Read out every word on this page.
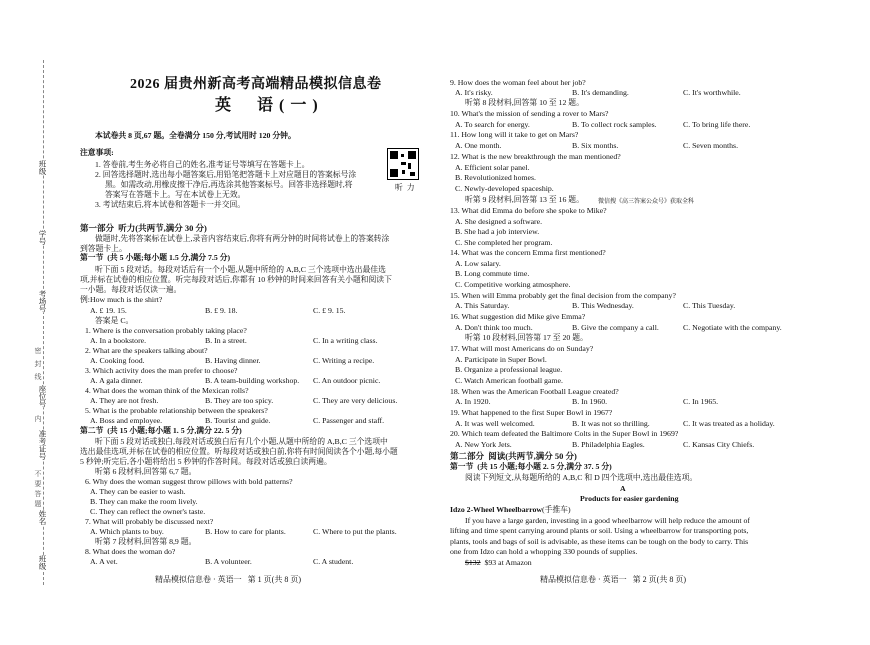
班级
学号
考场号
密
封
线
座位号
内
准考证号
不
要
答
题
姓名
班级
2026 届贵州新高考高端精品模拟信息卷
英  语(一)
本试卷共 8 页,67 题。全卷满分 150 分,考试用时 120 分钟。
注意事项:
1. 答卷前,考生务必将自己的姓名,准考证号等填写在答题卡上。
2. 回答选择题时,选出每小题答案后,用铅笔把答题卡上对应题目的答案标号涂
黑。如需改动,用橡皮擦干净后,再选涂其他答案标号。回答非选择题时,将
答案写在答题卡上。写在本试卷上无效。
3. 考试结束后,将本试卷和答题卡一并交回。
听  力
第一部分  听力(共两节,满分 30 分)
做题时,先将答案标在试卷上,录音内容结束后,你将有两分钟的时间将试卷上的答案转涂
到答题卡上。
第一节  (共 5 小题;每小题 1.5 分,满分 7.5 分)
听下面 5 段对话。每段对话后有一个小题,从题中所给的 A,B,C 三个选项中选出最佳选
项,并标在试卷的相应位置。听完每段对话后,你都有 10 秒钟的时间来回答有关小题和阅读下
一小题。每段对话仅读一遍。
例:How much is the shirt?
A. £ 19. 15.	B. £ 9. 18.	C. £ 9. 15.
答案是 C。
1. Where is the conversation probably taking place?
A. In a bookstore.	B. In a street.	C. In a writing class.
2. What are the speakers talking about?
A. Cooking food.	B. Having dinner.	C. Writing a recipe.
3. Which activity does the man prefer to choose?
A. A gala dinner.	B. A team-building workshop. C. An outdoor picnic.
4. What does the woman think of the Mexican rolls?
A. They are not fresh.	B. They are too spicy.	C. They are very delicious.
5. What is the probable relationship between the speakers?
A. Boss and employee.	B. Tourist and guide.	C. Passenger and staff.
第二节  (共 15 小题;每小题 1. 5 分,满分 22. 5 分)
听下面 5 段对话或独白,每段对话或独白后有几个小题,从题中所给的 A,B,C 三个选项中
选出最佳选项,并标在试卷的相应位置。听每段对话或独白前,你将有时间阅读各个小题,每小题
5 秒钟;听完后,各小题将给出 5 秒钟的作答时间。每段对话或独白读两遍。
听第 6 段材料,回答第 6,7 题。
6. Why does the woman suggest throw pillows with bold patterns?
A. They can be easier to wash.
B. They can make the room lively.
C. They can reflect the owner's taste.
7. What will probably be discussed next?
A. Which plants to buy.	B. How to care for plants.	C. Where to put the plants.
听第 7 段材料,回答第 8,9 题。
8. What does the woman do?
A. A vet.	B. A volunteer.	C. A student.
精品模拟信息卷 · 英语一   第 1 页(共 8 页)
9. How does the woman feel about her job?
A. It's risky.	B. It's demanding.	C. It's worthwhile.
听第 8 段材料,回答第 10 至 12 题。
10. What's the mission of sending a rover to Mars?
A. To search for energy.	B. To collect rock samples.	C. To bring life there.
11. How long will it take to get on Mars?
A. One month.	B. Six months.	C. Seven months.
12. What is the new breakthrough the man mentioned?
A. Efficient solar panel.
B. Revolutionized homes.
C. Newly-developed spaceship.
听第 9 段材料,回答第 13 至 16 题。 微信搜《高三答案公众号》获取全科
13. What did Emma do before she spoke to Mike?
A. She designed a software.
B. She had a job interview.
C. She completed her program.
14. What was the concern Emma first mentioned?
A. Low salary.
B. Long commute time.
C. Competitive working atmosphere.
15. When will Emma probably get the final decision from the company?
A. This Saturday.	B. This Wednesday.	C. This Tuesday.
16. What suggestion did Mike give Emma?
A. Don't think too much.	B. Give the company a call.	C. Negotiate with the company.
听第 10 段材料,回答第 17 至 20 题。
17. What will most Americans do on Sunday?
A. Participate in Super Bowl.
B. Organize a professional league.
C. Watch American football game.
18. When was the American Football League created?
A. In 1920.	B. In 1960.	C. In 1965.
19. What happened to the first Super Bowl in 1967?
A. It was well welcomed.	B. It was not so thrilling.	C. It was treated as a holiday.
20. Which team defeated the Baltimore Colts in the Super Bowl in 1969?
A. New York Jets.	B. Philadelphia Eagles.	C. Kansas City Chiefs.
第二部分  阅读(共两节,满分 50 分)
第一节  (共 15 小题;每小题 2. 5 分,满分 37. 5 分)
阅读下列短文,从每题所给的 A,B,C 和 D 四个选项中,选出最佳选项。
A
Products for easier gardening
Idzo 2-Wheel Wheelbarrow(手推车)
If you have a large garden, investing in a good wheelbarrow will help reduce the amount of
lifting and time spent carrying around plants or soil. Using a wheelbarrow for transporting pots,
plants, tools and bags of soil is advisable, as these items can be tough on the body to carry. This
one from Idzo can hold a whopping 330 pounds of supplies.
$132 $93 at Amazon
精品模拟信息卷 · 英语一   第 2 页(共 8 页)
